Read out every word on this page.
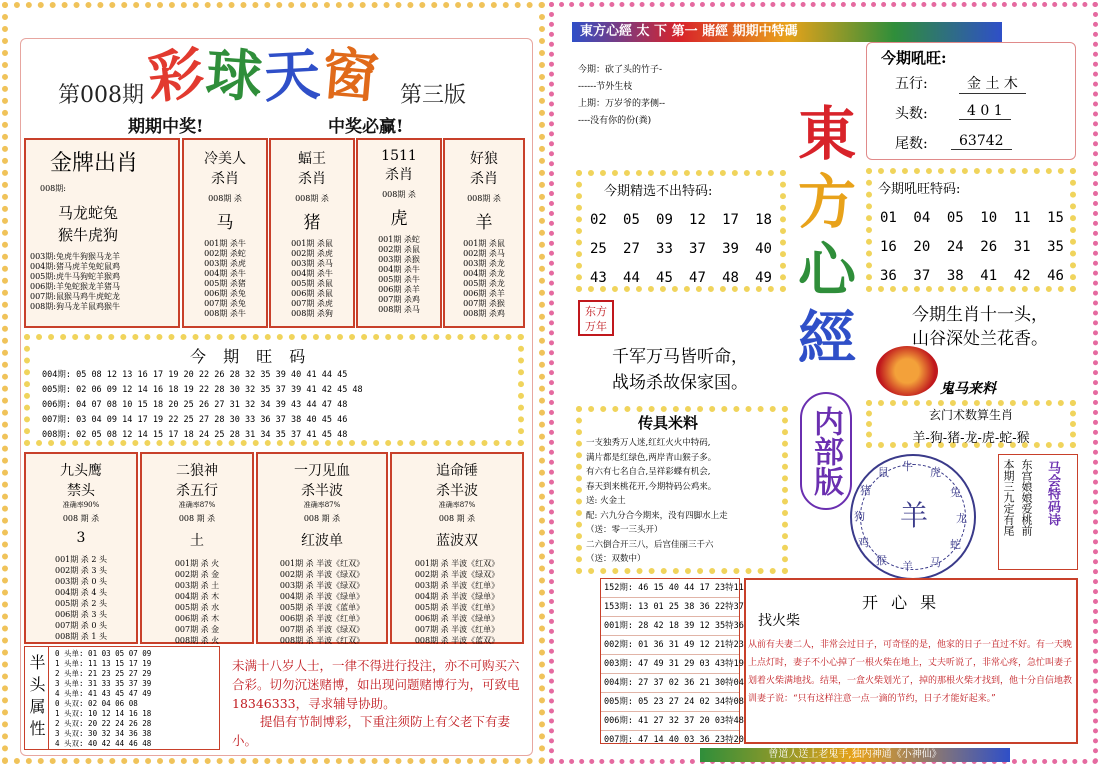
第008期 彩球天窗 第三版
期期中奖!	中奖必赢!
金牌出肖
008期:
马龙蛇兔
猴牛虎狗
003期:兔虎牛狗猴马龙羊
004期:猪马虎羊兔蛇鼠鸡
005期:虎牛马狗蛇羊猴鸡
006期:羊兔蛇猴龙羊猪马
007期:鼠猴马鸡牛虎蛇龙
008期:狗马龙羊鼠鸡猴牛
冷美人
杀肖
008期 杀
马
001期 杀牛
002期 杀蛇
003期 杀虎
004期 杀牛
005期 杀猪
006期 杀兔
007期 杀兔
008期 杀牛
蝠王
杀肖
008期 杀
猪
001期 杀鼠
002期 杀虎
003期 杀马
004期 杀牛
005期 杀鼠
006期 杀鼠
007期 杀虎
008期 杀狗
1511
杀肖
008期 杀
虎
001期 杀蛇
002期 杀鼠
003期 杀猴
004期 杀牛
005期 杀牛
006期 杀羊
007期 杀鸡
008期 杀马
好狼
杀肖
008期 杀
羊
001期 杀鼠
002期 杀马
003期 杀龙
004期 杀龙
005期 杀龙
006期 杀羊
007期 杀猴
008期 杀鸡
今 期 旺 码
004期: 05 08 12 13 16 17 19 20 22 26 28 32 35 39 40 41 44 45
005期: 02 06 09 12 14 16 18 19 22 28 30 32 35 37 39 41 42 45 48
006期: 04 07 08 10 15 18 20 25 26 27 31 32 34 39 43 44 47 48
007期: 03 04 09 14 17 19 22 25 27 28 30 33 36 37 38 40 45 46
008期: 02 05 08 12 14 15 17 18 24 25 28 31 34 35 37 41 45 48
九头鹰
禁头
准确率90%
008 期 杀
3
001期 杀 2 头
002期 杀 3 头
003期 杀 0 头
004期 杀 4 头
005期 杀 2 头
006期 杀 3 头
007期 杀 0 头
008期 杀 1 头
二狼神
杀五行
准确率87%
008 期 杀
土
001期 杀 火
002期 杀 金
003期 杀 土
004期 杀 木
005期 杀 水
006期 杀 木
007期 杀 金
008期 杀 火
一刀见血
杀半波
准确率87%
008 期 杀
红波单
001期 杀 半波《红双》
002期 杀 半波《绿双》
003期 杀 半波《绿双》
004期 杀 半波《绿单》
005期 杀 半波《蓝单》
006期 杀 半波《红单》
007期 杀 半波《绿双》
008期 杀 半波《红双》
追命锤
杀半波
准确率87%
008 期 杀
蓝波双
001期 杀 半波《红双》
002期 杀 半波《绿双》
003期 杀 半波《红单》
004期 杀 半波《绿单》
005期 杀 半波《红单》
006期 杀 半波《绿单》
007期 杀 半波《红单》
008期 杀 半波《蓝双》
半头属性
0 头单: 01 03 05 07 09
1 头单: 11 13 15 17 19
2 头单: 21 23 25 27 29
3 头单: 31 33 35 37 39
4 头单: 41 43 45 47 49
0 头双: 02 04 06 08
1 头双: 10 12 14 16 18
2 头双: 20 22 24 26 28
3 头双: 30 32 34 36 38
4 头双: 40 42 44 46 48
未满十八岁人士，一律不得进行投注，亦不可购买六合彩。切勿沉迷赌博，如出现问题赌博行为，可致电18346333，寻求辅导协助。
提倡有节制博彩，下重注须防上有父老下有妻小。
東方心經 太 下 第一 賭經 期期中特碼
今期：砍了头的竹子-
------节外生枝
上期：万岁爷的茅侧--
----没有你的份(粪)
今期吼旺:
五行:	金 土 木
头数:	4 0 1
尾数:	63742
今期精选不出特码:
02 05 09 12 17 18
25 27 33 37 39 40
43 44 45 47 48 49
東
方
心
經
内部版
今期吼旺特码:
01 04 05 10 11 15
16 20 24 26 31 35
36 37 38 41 42 46
东方万年
千军万马皆听命，
战场杀故保家国。
今期生肖十一头，
山谷深处兰花香。
鬼马来料
玄门术数算生肖
羊-狗-猪-龙-虎-蛇-猴
传具米料
一支独秀万人迷,红红火火中特码,
满片都是红绿色,两岸青山猴子多。
有六有七名自合,呈祥彩蝶有机会,
春天到来桃花开,今期特码公鸡来。
送: 火金土
配: 六九分合今期来，没有四脚水上走
（送：零一三头开）
二六倒合开三八，后宫佳丽三千六
（送：双数中）
羊
牛 虎
兔
龙
蛇
马
羊
猴
鸡
狗
猪
鼠	本期三九定有尾 东宫娘娘爱桃前 马会特码诗
152期: 46 15 40 44 17 23特11
153期: 13 01 25 38 36 22特37
001期: 28 42 18 39 12 35特36
002期: 01 36 31 49 12 21特23
003期: 47 49 31 29 03 43特19
004期: 27 37 02 36 21 30特04
005期: 05 23 27 24 02 34特08
006期: 41 27 32 37 20 03特48
007期: 47 14 40 03 36 23特20
开 心 果
找火柴
从前有夫妻二人，非常会过日子，可奇怪的是，他家的日子一直过不好。有一天晚上点灯时，妻子不小心掉了一根火柴在地上，丈夫听说了，非常心疼，急忙叫妻子划着火柴满地找。结果，一盒火柴划光了，掉的那根火柴才找到，他十分自信地教训妻子说：“只有这样注意一点一滴的节约，日子才能好起来。”
曾道人送上老鬼手,独内神通《小神仙》
